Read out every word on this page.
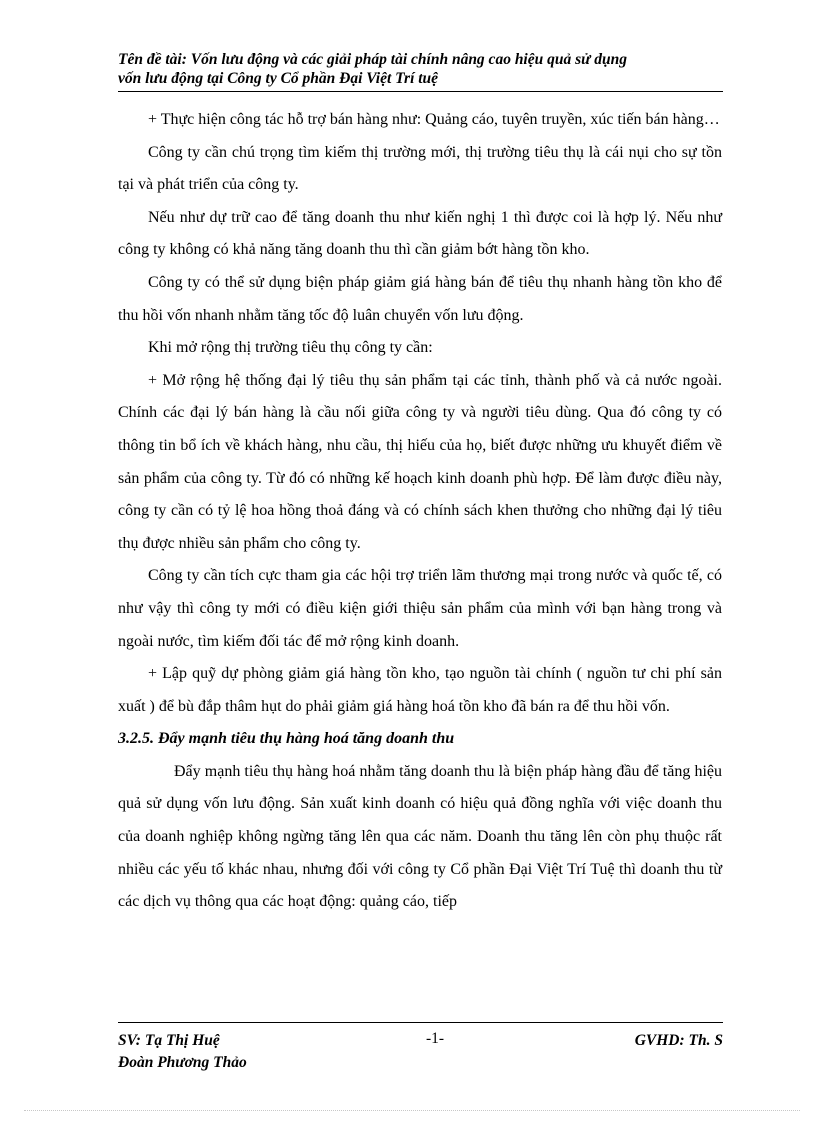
Tên đề tài: Vốn lưu động và các giải pháp tài chính nâng cao hiệu quả sử dụng
vốn lưu động tại Công ty Cổ phần Đại Việt Trí tuệ

+ Thực hiện công tác hỗ trợ bán hàng như: Quảng cáo, tuyên truyền, xúc tiến bán hàng…

Công ty cần chú trọng tìm kiếm thị trường mới, thị trường tiêu thụ là cái nụi cho sự tồn tại và phát triển của công ty.

Nếu như dự trữ cao để tăng doanh thu như kiến nghị 1 thì được coi là hợp lý. Nếu như công ty không có khả năng tăng doanh thu thì cần giảm bớt hàng tồn kho.

Công ty có thể sử dụng biện pháp giảm giá hàng bán để tiêu thụ nhanh hàng tồn kho để thu hồi vốn nhanh nhằm tăng tốc độ luân chuyển vốn lưu động.

Khi mở rộng thị trường tiêu thụ công ty cần:

+ Mở rộng hệ thống đại lý tiêu thụ sản phẩm tại các tỉnh, thành phố và cả nước ngoài. Chính các đại lý bán hàng là cầu nối giữa công ty và người tiêu dùng. Qua đó công ty có thông tin bổ ích về khách hàng, nhu cầu, thị hiếu của họ, biết được những ưu khuyết điểm về sản phẩm của công ty. Từ đó có những kế hoạch kinh doanh phù hợp. Để làm được điều này, công ty cần có tỷ lệ hoa hồng thoả đáng và có chính sách khen thưởng cho những đại lý tiêu thụ được nhiều sản phẩm cho công ty.

Công ty cần tích cực tham gia các hội trợ triển lãm thương mại trong nước và quốc tế, có như vậy thì công ty mới có điều kiện giới thiệu sản phẩm của mình với bạn hàng trong và ngoài nước, tìm kiếm đối tác để mở rộng kinh doanh.

+ Lập quỹ dự phòng giảm giá hàng tồn kho, tạo nguồn tài chính ( nguồn tư chi phí sản xuất ) để bù đắp thâm hụt do phải giảm giá hàng hoá tồn kho đã bán ra để thu hồi vốn.

3.2.5. Đẩy mạnh tiêu thụ hàng hoá tăng doanh thu

Đẩy mạnh tiêu thụ hàng hoá nhằm tăng doanh thu là biện pháp hàng đầu để tăng hiệu quả sử dụng vốn lưu động. Sản xuất kinh doanh có hiệu quả đồng nghĩa với việc doanh thu của doanh nghiệp không ngừng tăng lên qua các năm. Doanh thu tăng lên còn phụ thuộc rất nhiều các yếu tố khác nhau, nhưng đối với công ty Cổ phần Đại Việt Trí Tuệ thì doanh thu từ các dịch vụ thông qua các hoạt động: quảng cáo, tiếp

SV: Tạ Thị Huệ
Đoàn Phương Thảo
-1-	GVHD: Th. S
